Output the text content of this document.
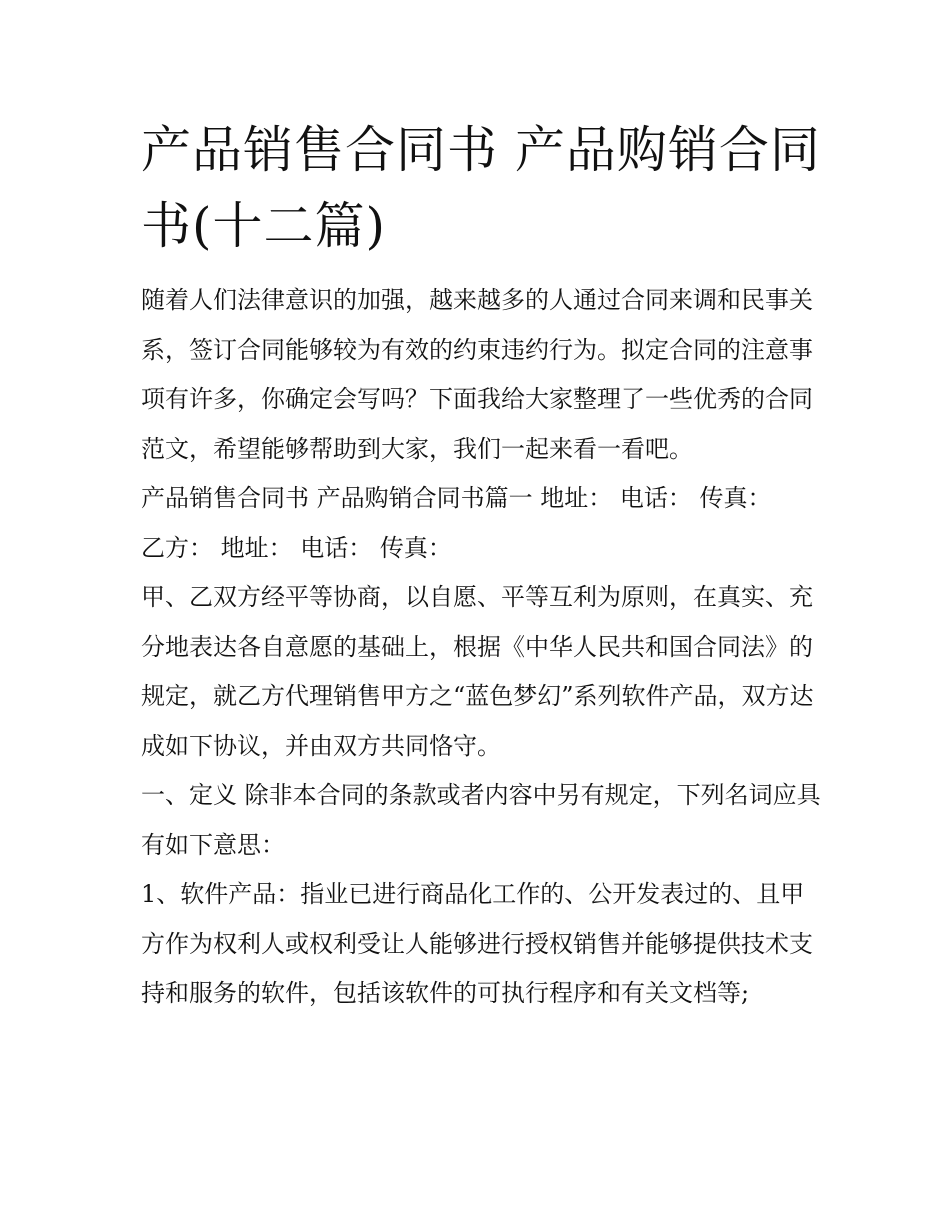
产品销售合同书 产品购销合同书(十二篇)

随着人们法律意识的加强，越来越多的人通过合同来调和民事关系，签订合同能够较为有效的约束违约行为。拟定合同的注意事项有许多，你确定会写吗？下面我给大家整理了一些优秀的合同范文，希望能够帮助到大家，我们一起来看一看吧。

产品销售合同书 产品购销合同书篇一 地址： 电话： 传真：

乙方： 地址： 电话： 传真：

甲、乙双方经平等协商，以自愿、平等互利为原则，在真实、充分地表达各自意愿的基础上，根据《中华人民共和国合同法》的规定，就乙方代理销售甲方之“蓝色梦幻”系列软件产品，双方达成如下协议，并由双方共同恪守。

一、定义 除非本合同的条款或者内容中另有规定，下列名词应具有如下意思：

1、软件产品：指业已进行商品化工作的、公开发表过的、且甲方作为权利人或权利受让人能够进行授权销售并能够提供技术支持和服务的软件，包括该软件的可执行程序和有关文档等;
